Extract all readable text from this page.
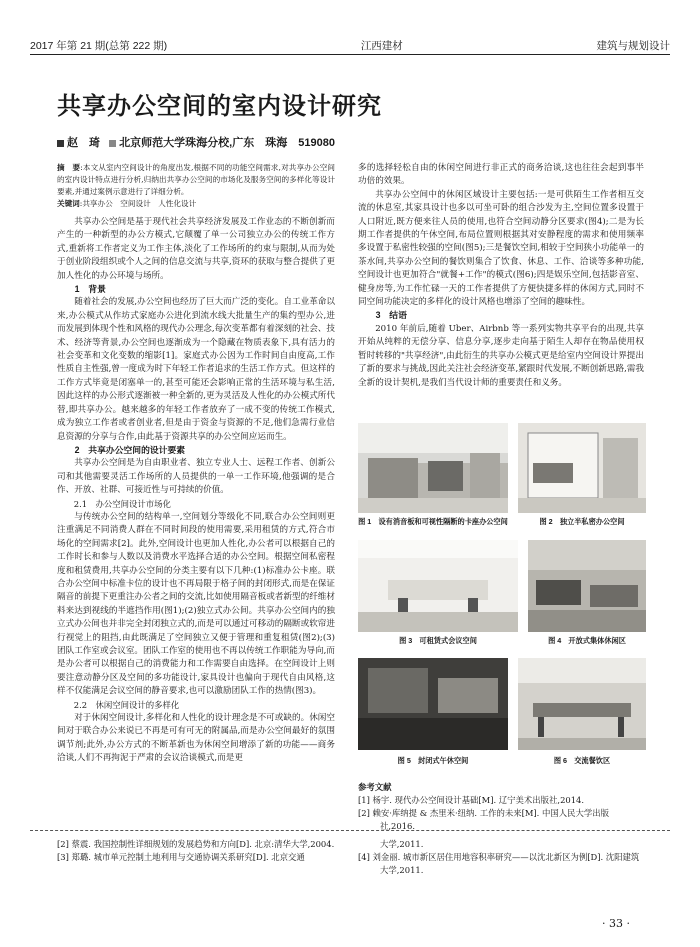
2017 年第 21 期(总第 222 期)	江西建材	建筑与规划设计
共享办公空间的室内设计研究
赵　琦 北京师范大学珠海分校,广东　珠海　519080

摘　要:本文从室内空间设计的角度出发,根据不同的功能空间需求,对共享办公空间的室内设计特点进行分析,归纳出共享办公空间的市场化及服务空间的多样化等设计要素,并通过案例示意进行了详细分析。

关键词:共享办公　空间设计　人性化设计

共享办公空间是基于现代社会共享经济发展及工作业态的不断创新而产生的一种新型的办公方模式,它颠覆了单一公司独立办公的传统工作方式,重新将工作者定义为工作主体,淡化了工作场所的约束与限制,从而为处于创业阶段组织或个人之间的信息交流与共享,资环的获取与整合提供了更加人性化的办公环境与场所。

1　背景

随着社会的发展,办公空间也经历了巨大而广泛的变化。自工业革命以来,办公模式从作坊式家庭办公进化到流水线大批量生产的集约型办公,进而发展到体现个性和风格的现代办公理念,每次变革都有着深刻的社会、技术、经济等背景,办公空间也逐渐成为一个隐藏在物质表象下,具有活力的社会变革和文化变数的缩影[1]。家庭式办公因为工作时间自由度高,工作性质自主性强,曾一度成为时下年轻工作者追求的生活工作方式。但这样的工作方式毕竟是闭塞单一的,甚至可能还会影响正常的生活环境与私生活,因此这样的办公形式逐渐被一种全新的,更为灵活及人性化的办公模式所代替,即共享办公。越来越多的年轻工作者放弃了一成不变的传统工作模式,成为独立工作者或者创业者,但是由于资金与资源的不足,他们急需行业信息资源的分享与合作,由此基于资源共享的办公空间应运而生。

2　共享办公空间的设计要素

共享办公空间是为自由职业者、独立专业人士、远程工作者、创新公司和其他需要灵活工作场所的人员提供的一单一工作环境,他强调的是合作、开放、社群、可接近性与可持续的价值。

2.1　办公空间设计市场化

与传统办公空间的结构单一,空间划分等级化不同,联合办公空间则更注重满足不同消费人群在不同时间段的使用需要,采用租赁的方式,符合市场化的空间需求[2]。此外,空间设计也更加人性化,办公者可以根据自己的工作时长和参与人数以及消费水平选择合适的办公空间。根据空间私密程度和租赁费用,共享办公空间的分类主要有以下几种:(1)标准办公卡座。联合办公空间中标准卡位的设计也不再局限于格子间的封闭形式,而是在保证隔音的前提下更重注办公者之间的交流,比如使用隔音板或者新型的纤维材料来达到视线的半遮挡作用(图1);(2)独立式办公间。共享办公空间内的独立式办公间也并非完全封闭独立式的,而是可以通过可移动的隔断或软帘进行视觉上的阻挡,由此既满足了空间独立又便于管理和重复租赁(图2);(3)团队工作室或会议室。团队工作室的使用也不再以传统工作职能为导向,而是办公者可以根据自己的消费能力和工作需要自由选择。在空间设计上则要注意动静分区及空间的多功能设计,家具设计也偏向于现代自由风格,这样不仅能满足会议空间的静音要求,也可以激励团队工作的热情(图3)。

2.2　休闲空间设计的多样化

对于休闲空间设计,多样化和人性化的设计理念是不可或缺的。休闲空间对于联合办公来说已不再是可有可无的附属品,而是办公空间最好的氛围调节剂;此外,办公方式的不断革新也为休闲空间增添了新的功能——商务洽谈,人们不再拘泥于严肃的会议洽谈模式,而是更

多的选择轻松自由的休闲空间进行非正式的商务洽谈,这也往往会起到事半功倍的效果。

共享办公空间中的休闲区域设计主要包括:一是可供陌生工作者相互交流的休息室,其家具设计也多以可坐可卧的组合沙发为主,空间位置多设置于人口附近,既方便来往人员的使用,也符合空间动静分区要求(图4);二是为长期工作者提供的午休空间,布局位置则根据其对安静程度的需求和使用频率多设置于私密性较强的空间(图5);三是餐饮空间,相较于空间狭小功能单一的茶水间,共享办公空间的餐饮则集合了饮食、休息、工作、洽谈等多种功能,空间设计也更加符合"就餐+工作"的模式(图6);四是娱乐空间,包括影音室、健身房等,为工作忙碌一天的工作者提供了方便快捷多样的休闲方式,同时不同空间功能决定的多样化的设计风格也增添了空间的趣味性。

3　结语

2010 年前后,随着 Uber、Airbnb 等一系列实物共享平台的出现,共享开始从纯粹的无偿分享、信息分享,逐步走向基于陌生人却存在物品使用权暂时转移的"共享经济",由此衍生的共享办公模式更是给室内空间设计界提出了新的要求与挑战,因此关注社会经济变革,紧跟时代发展,不断创新思路,需我全新的设计契机,是我们当代设计师的重要责任和义务。

图 1　设有消音板和可视性隔断的卡座办公空间	图 2　独立半私密办公空间
图 3　可租赁式会议空间	图 4　开放式集体休闲区
图 5　封闭式午休空间	图 6　交流餐饮区
参考文献
[1] 杨宇. 现代办公空间设计基础[M]. 辽宁美术出版社,2014.
[2] 赖安·库纳提 & 杰里米·纽纳. 工作的未来[M]. 中国人民大学出版社,2016.
[2] 蔡震. 我国控制性详细规划的发展趋势和方向[D]. 北京:清华大学,2004.
[3] 郑璐. 城市单元控制土地利用与交通协调关系研究[D]. 北京交通
大学,2011.
[4] 刘金丽. 城市新区居住用地容积率研究——以沈北新区为例[D]. 沈阳建筑大学,2011.
· 33 ·
